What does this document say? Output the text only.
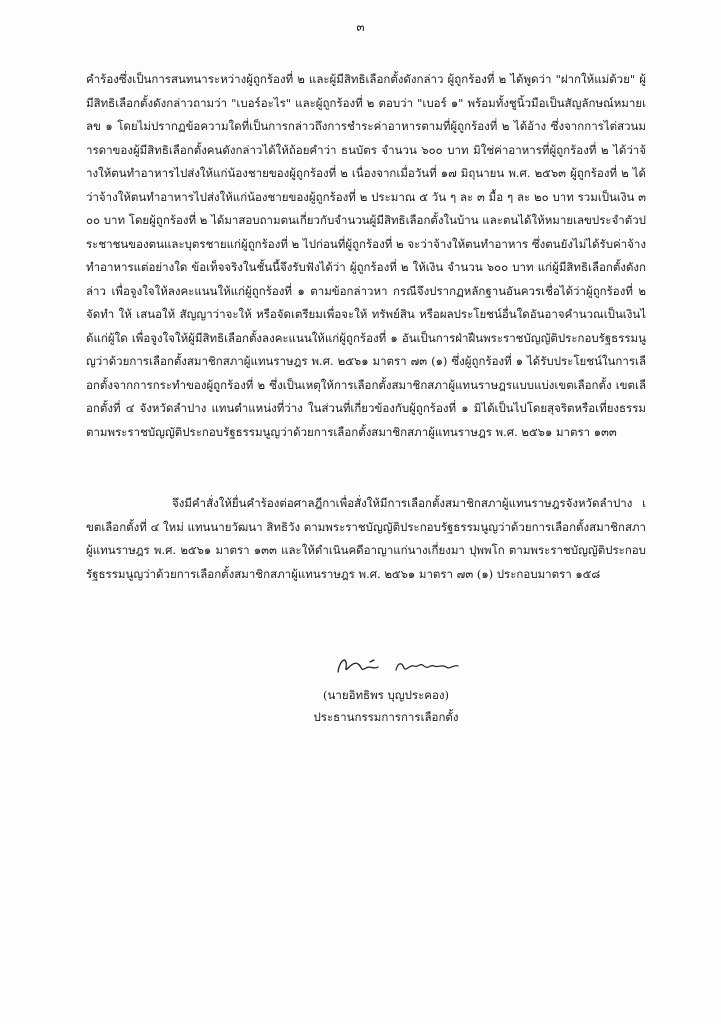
๓
คำร้องซึ่งเป็นการสนทนาระหว่างผู้ถูกร้องที่ ๒ และผู้มีสิทธิเลือกตั้งดังกล่าว ผู้ถูกร้องที่ ๒ ได้พูดว่า "ฝากให้แม่ด้วย" ผู้มีสิทธิเลือกตั้งดังกล่าวถามว่า "เบอร์อะไร" และผู้ถูกร้องที่ ๒ ตอบว่า "เบอร์ ๑" พร้อมทั้งชูนิ้วมือเป็นสัญลักษณ์หมายเลข ๑ โดยไม่ปรากฏข้อความใดที่เป็นการกล่าวถึงการชำระค่าอาหารตามที่ผู้ถูกร้องที่ ๒ ได้อ้าง ซึ่งจากการไต่สวนมารดาของผู้มีสิทธิเลือกตั้งคนดังกล่าวได้ให้ถ้อยคำว่า ธนบัตร จำนวน ๖๐๐ บาท มิใช่ค่าอาหารที่ผู้ถูกร้องที่ ๒ ได้ว่าจ้างให้ตนทำอาหารไปส่งให้แก่น้องชายของผู้ถูกร้องที่ ๒ เนื่องจากเมื่อวันที่ ๑๗ มิถุนายน พ.ศ. ๒๕๖๓ ผู้ถูกร้องที่ ๒ ได้ว่าจ้างให้ตนทำอาหารไปส่งให้แก่น้องชายของผู้ถูกร้องที่ ๒ ประมาณ ๕ วัน ๆ ละ ๓ มื้อ ๆ ละ ๒๐ บาท รวมเป็นเงิน ๓๐๐ บาท โดยผู้ถูกร้องที่ ๒ ได้มาสอบถามตนเกี่ยวกับจำนวนผู้มีสิทธิเลือกตั้งในบ้าน และตนได้ให้หมายเลขประจำตัวประชาชนของตนและบุตรชายแก่ผู้ถูกร้องที่ ๒ ไปก่อนที่ผู้ถูกร้องที่ ๒ จะว่าจ้างให้ตนทำอาหาร ซึ่งตนยังไม่ได้รับค่าจ้างทำอาหารแต่อย่างใด ข้อเท็จจริงในชั้นนี้จึงรับฟังได้ว่า ผู้ถูกร้องที่ ๒ ให้เงิน จำนวน ๖๐๐ บาท แก่ผู้มีสิทธิเลือกตั้งดังกล่าว เพื่อจูงใจให้ลงคะแนนให้แก่ผู้ถูกร้องที่ ๑ ตามข้อกล่าวหา กรณีจึงปรากฏหลักฐานอันควรเชื่อได้ว่าผู้ถูกร้องที่ ๒ จัดทำ ให้ เสนอให้ สัญญาว่าจะให้ หรือจัดเตรียมเพื่อจะให้ ทรัพย์สิน หรือผลประโยชน์อื่นใดอันอาจคำนวณเป็นเงินได้แก่ผู้ใด เพื่อจูงใจให้ผู้มีสิทธิเลือกตั้งลงคะแนนให้แก่ผู้ถูกร้องที่ ๑ อันเป็นการฝ่าฝืนพระราชบัญญัติประกอบรัฐธรรมนูญว่าด้วยการเลือกตั้งสมาชิกสภาผู้แทนราษฎร พ.ศ. ๒๕๖๑ มาตรา ๗๓ (๑) ซึ่งผู้ถูกร้องที่ ๑ ได้รับประโยชน์ในการเลือกตั้งจากการกระทำของผู้ถูกร้องที่ ๒ ซึ่งเป็นเหตุให้การเลือกตั้งสมาชิกสภาผู้แทนราษฎรแบบแบ่งเขตเลือกตั้ง เขตเลือกตั้งที่ ๔ จังหวัดลำปาง แทนตำแหน่งที่ว่าง ในส่วนที่เกี่ยวข้องกับผู้ถูกร้องที่ ๑ มิได้เป็นไปโดยสุจริตหรือเที่ยงธรรม ตามพระราชบัญญัติประกอบรัฐธรรมนูญว่าด้วยการเลือกตั้งสมาชิกสภาผู้แทนราษฎร พ.ศ. ๒๕๖๑ มาตรา ๑๓๓
จึงมีคำสั่งให้ยื่นคำร้องต่อศาลฎีกาเพื่อสั่งให้มีการเลือกตั้งสมาชิกสภาผู้แทนราษฎรจังหวัดลำปาง เขตเลือกตั้งที่ ๔ ใหม่ แทนนายวัฒนา สิทธิวัง ตามพระราชบัญญัติประกอบรัฐธรรมนูญว่าด้วยการเลือกตั้งสมาชิกสภาผู้แทนราษฎร พ.ศ. ๒๕๖๑ มาตรา ๑๓๓ และให้ดำเนินคดีอาญาแก่นางเกี่ยงมา ปุพพโก ตามพระราชบัญญัติประกอบรัฐธรรมนูญว่าด้วยการเลือกตั้งสมาชิกสภาผู้แทนราษฎร พ.ศ. ๒๕๖๑ มาตรา ๗๓ (๑) ประกอบมาตรา ๑๕๘
(นายอิทธิพร บุญประคอง)
ประธานกรรมการการเลือกตั้ง
